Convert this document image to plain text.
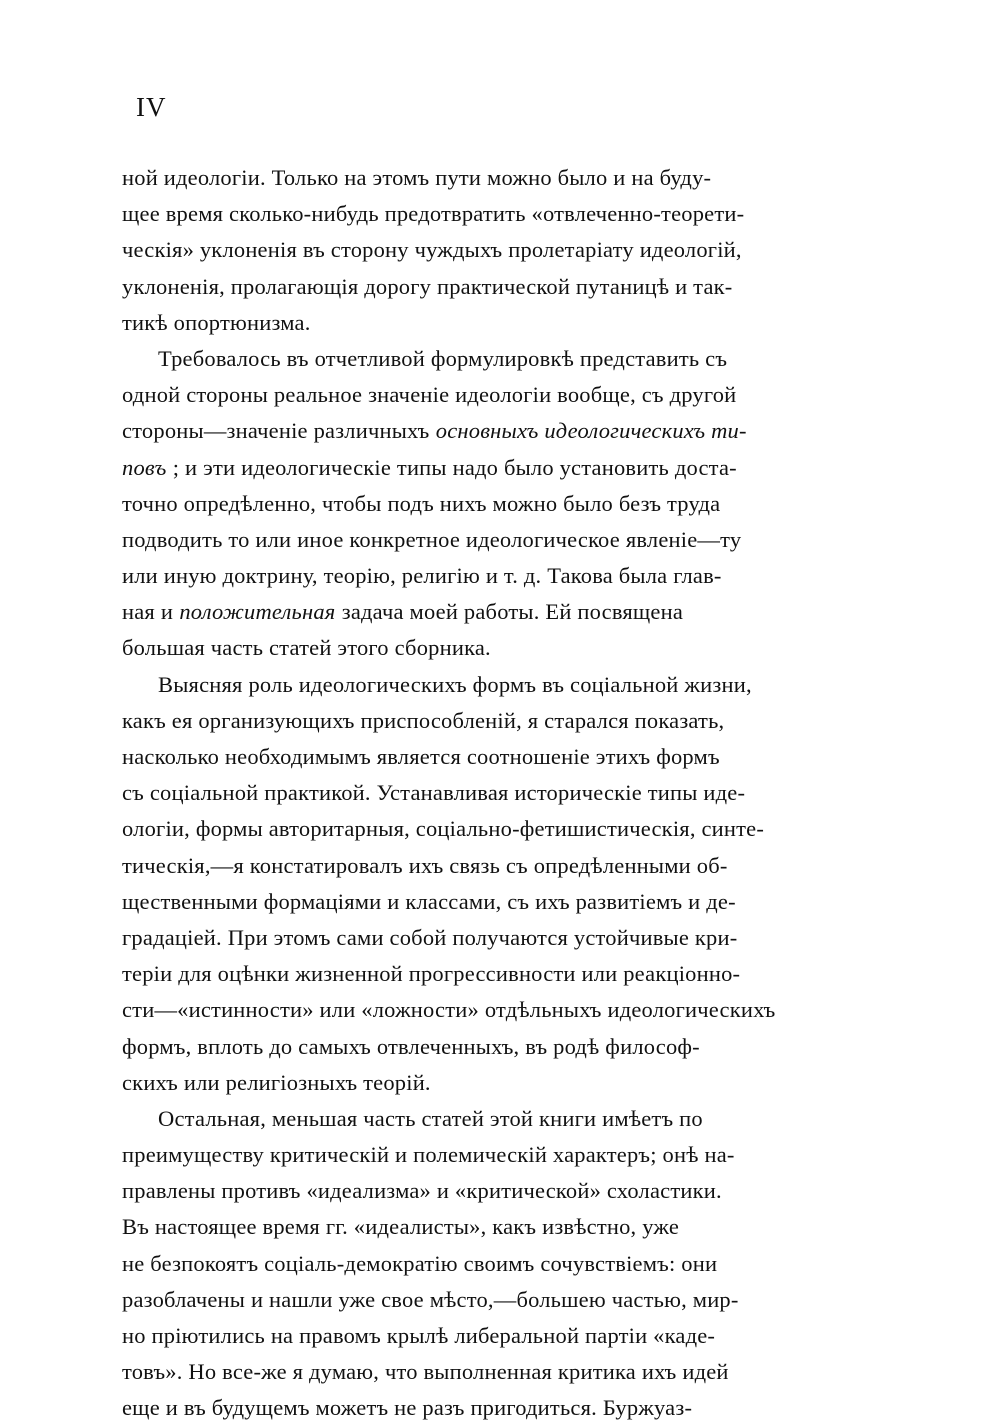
IV

ной идеологіи. Только на этомъ пути можно было и на буду-
щее время сколько-нибудь предотвратить «отвлеченно-теорети-
ческія» уклоненія въ сторону чуждыхъ пролетаріату идеологій,
уклоненія, пролагающія дорогу практической путаницѣ и так-
тикѣ опортюнизма.
Требовалось въ отчетливой формулировкѣ представить съ
одной стороны реальное значеніе идеологіи вообще, съ другой
стороны—значеніе различныхъ основныхъ идеологическихъ ти-
повъ ; и эти идеологическіе типы надо было установить доста-
точно опредѣленно, чтобы подъ нихъ можно было безъ труда
подводить то или иное конкретное идеологическое явленіе—ту
или иную доктрину, теорію, религію и т. д. Такова была глав-
ная и положительная задача моей работы. Ей посвящена
большая часть статей этого сборника.
Выясняя роль идеологическихъ формъ въ соціальной жизни,
какъ ея организующихъ приспособленій, я старался показать,
насколько необходимымъ является соотношеніе этихъ формъ
съ соціальной практикой. Устанавливая историческіе типы иде-
ологіи, формы авторитарныя, соціально-фетишистическія, синте-
тическія,—я констатировалъ ихъ связь съ опредѣленными об-
щественными формаціями и классами, съ ихъ развитіемъ и де-
градаціей. При этомъ сами собой получаются устойчивые кри-
теріи для оцѣнки жизненной прогрессивности или реакціонно-
сти—«истинности» или «ложности» отдѣльныхъ идеологическихъ
формъ, вплоть до самыхъ отвлеченныхъ, въ родѣ философ-
скихъ или религіозныхъ теорій.
Остальная, меньшая часть статей этой книги имѣетъ по
преимуществу критическій и полемическій характеръ; онѣ на-
правлены противъ «идеализма» и «критической» схоластики.
Въ настоящее время гг. «идеалисты», какъ извѣстно, уже
не безпокоятъ соціаль-демократію своимъ сочувствіемъ: они
разоблачены и нашли уже свое мѣсто,—большею частью, мир-
но пріютились на правомъ крылѣ либеральной партіи «каде-
товъ». Но все-же я думаю, что выполненная критика ихъ идей
еще и въ будущемъ можетъ не разъ пригодиться. Буржуаз-
